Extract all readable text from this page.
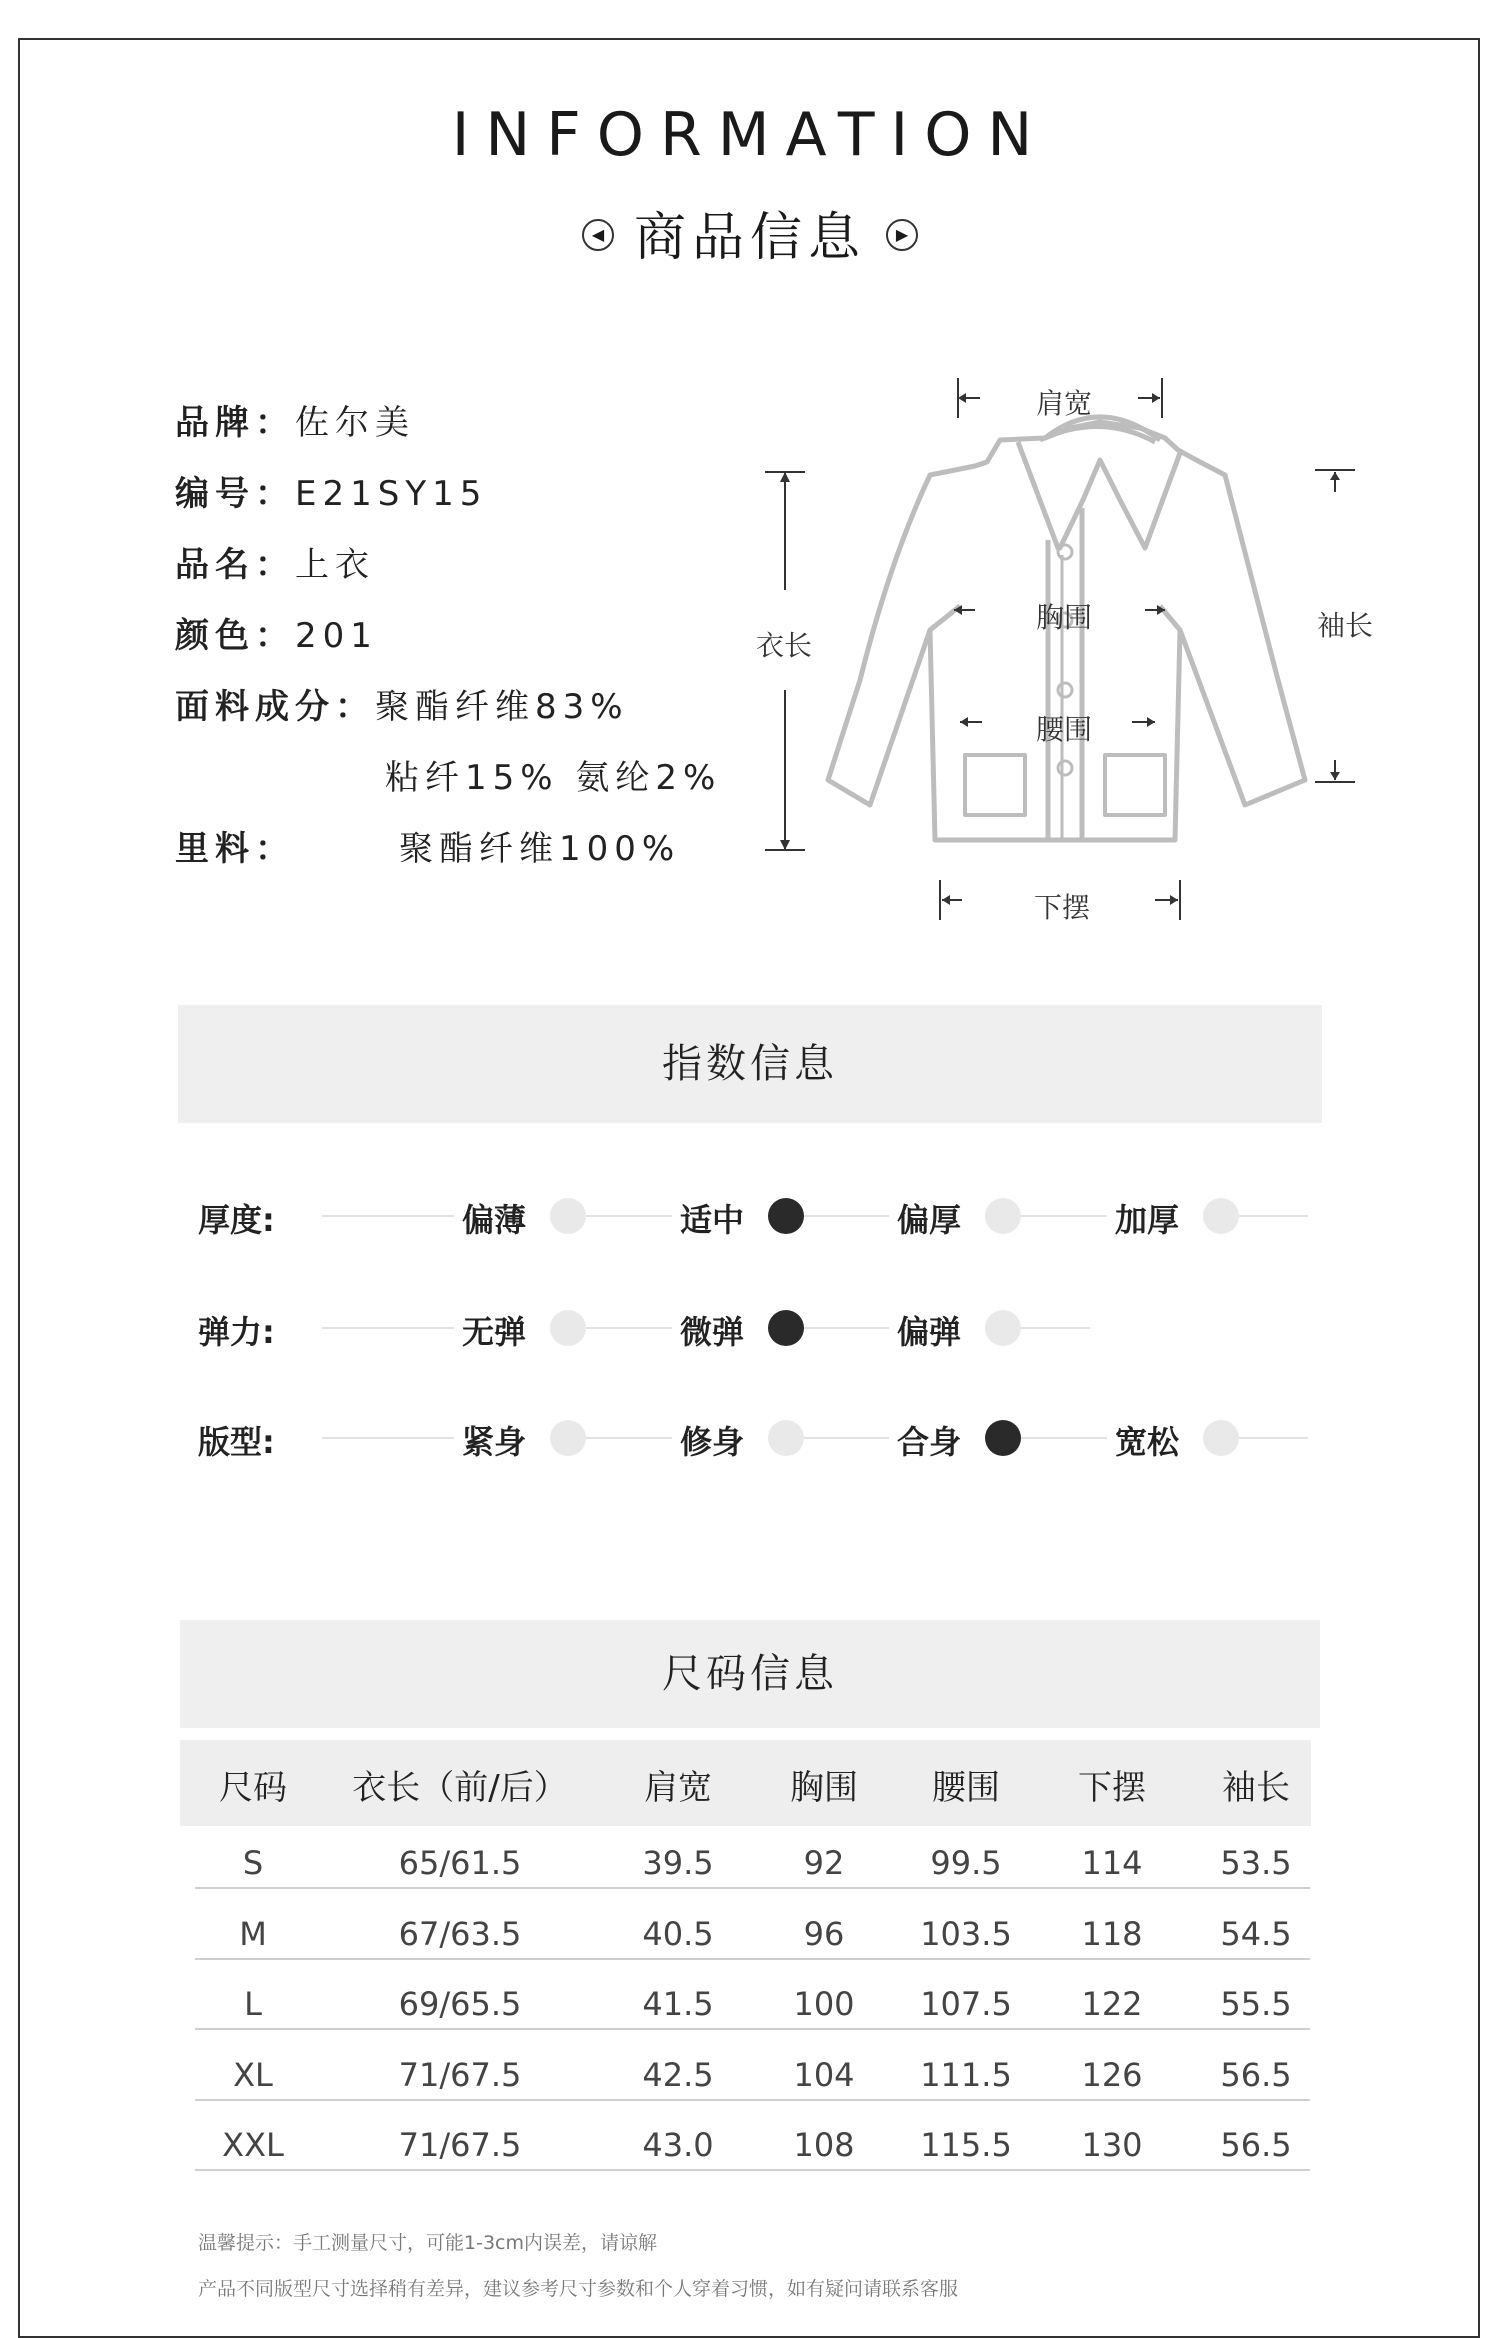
INFORMATION
◀ 商品信息 ▶
品牌：佐尔美
编号：E21SY15
品名：上衣
颜色：201
面料成分：聚酯纤维83%
粘纤15% 氨纶2%
里料：	聚酯纤维100%
肩宽
衣长
胸围
腰围
袖长
下摆
指数信息
厚度:	偏薄	适中	偏厚	加厚
弹力:	无弹	微弹	偏弹
版型:	紧身	修身	合身	宽松
尺码信息
尺码	衣长（前/后）	肩宽	胸围	腰围	下摆	袖长
S	65/61.5	39.5	92	99.5	114	53.5
M	67/63.5	40.5	96	103.5	118	54.5
L	69/65.5	41.5	100	107.5	122	55.5
XL	71/67.5	42.5	104	111.5	126	56.5
XXL	71/67.5	43.0	108	115.5	130	56.5
温馨提示：手工测量尺寸，可能1-3cm内误差，请谅解
产品不同版型尺寸选择稍有差异，建议参考尺寸参数和个人穿着习惯，如有疑问请联系客服
